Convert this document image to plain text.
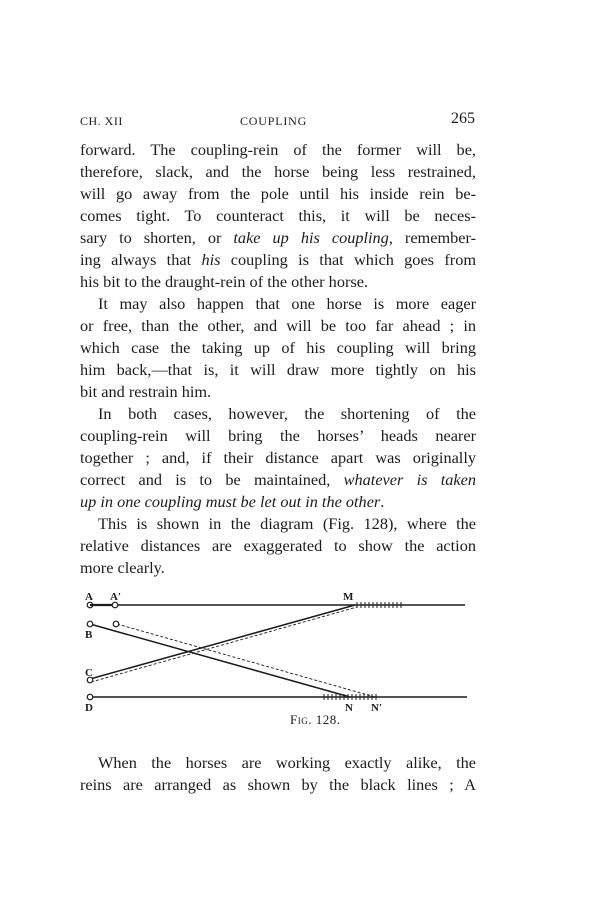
CH. XII	COUPLING	265
forward. The coupling-rein of the former will be,
therefore, slack, and the horse being less restrained,
will go away from the pole until his inside rein be-
comes tight. To counteract this, it will be neces-
sary to shorten, or take up his coupling, remember-
ing always that his coupling is that which goes from
his bit to the draught-rein of the other horse.
It may also happen that one horse is more eager
or free, than the other, and will be too far ahead ; in
which case the taking up of his coupling will bring
him back,—that is, it will draw more tightly on his
bit and restrain him.
In both cases, however, the shortening of the
coupling-rein will bring the horses’ heads nearer
together ; and, if their distance apart was originally
correct and is to be maintained, whatever is taken
up in one coupling must be let out in the other.
This is shown in the diagram (Fig. 128), where the
relative distances are exaggerated to show the action
more clearly.
A A′
B
C
D
M
N N′
Fig. 128.
When the horses are working exactly alike, the
reins are arranged as shown by the black lines ; A
